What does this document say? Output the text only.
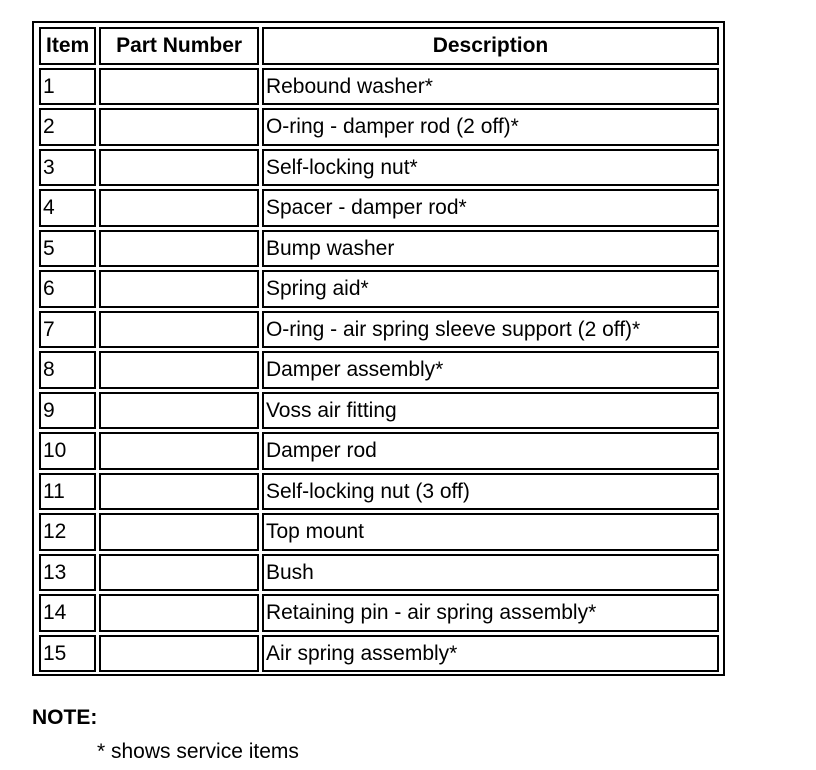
Item	Part Number	Description
1		Rebound washer*
2		O-ring - damper rod (2 off)*
3		Self-locking nut*
4		Spacer - damper rod*
5		Bump washer
6		Spring aid*
7		O-ring - air spring sleeve support (2 off)*
8		Damper assembly*
9		Voss air fitting
10		Damper rod
11		Self-locking nut (3 off)
12		Top mount
13		Bush
14		Retaining pin - air spring assembly*
15		Air spring assembly*
NOTE:
* shows service items
